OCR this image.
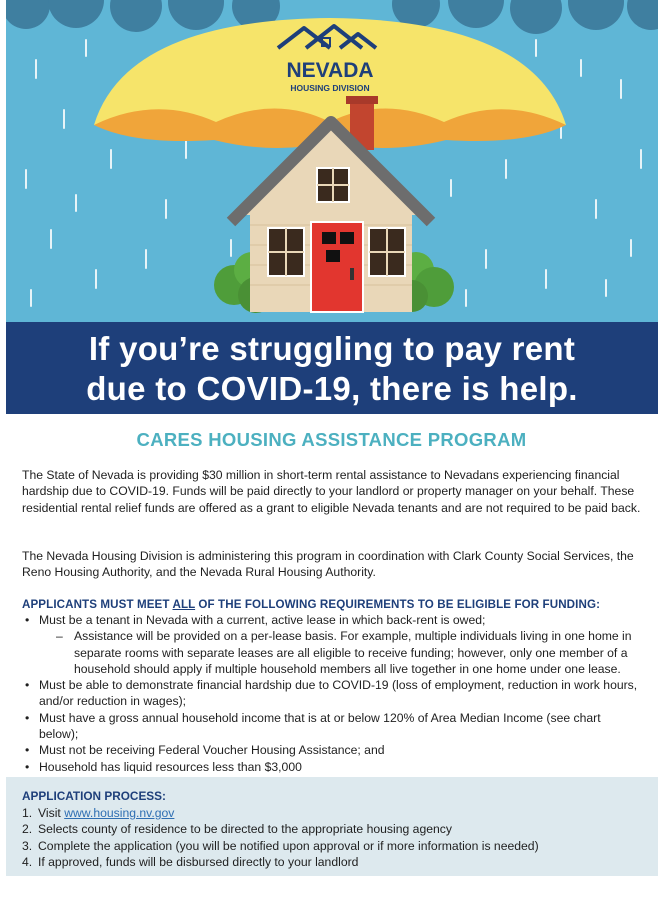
NEVADA
HOUSING DIVISION
If you’re struggling to pay rent
due to COVID-19, there is help.
CARES HOUSING ASSISTANCE PROGRAM
The State of Nevada is providing $30 million in short-term rental assistance to Nevadans experiencing financial hardship due to COVID-19. Funds will be paid directly to your landlord or property manager on your behalf. These residential rental relief funds are offered as a grant to eligible Nevada tenants and are not required to be paid back.
The Nevada Housing Division is administering this program in coordination with Clark County Social Services, the Reno Housing Authority, and the Nevada Rural Housing Authority.
APPLICANTS MUST MEET ALL OF THE FOLLOWING REQUIREMENTS TO BE ELIGIBLE FOR FUNDING:
• Must be a tenant in Nevada with a current, active lease in which back-rent is owed;
– Assistance will be provided on a per-lease basis. For example, multiple individuals living in one home in separate rooms with separate leases are all eligible to receive funding; however, only one member of a household should apply if multiple household members all live together in one home under one lease.
• Must be able to demonstrate financial hardship due to COVID-19 (loss of employment, reduction in work hours, and/or reduction in wages);
• Must have a gross annual household income that is at or below 120% of Area Median Income (see chart below);
• Must not be receiving Federal Voucher Housing Assistance; and
• Household has liquid resources less than $3,000
APPLICATION PROCESS:
1. Visit www.housing.nv.gov
2. Selects county of residence to be directed to the appropriate housing agency
3. Complete the application (you will be notified upon approval or if more information is needed)
4. If approved, funds will be disbursed directly to your landlord
